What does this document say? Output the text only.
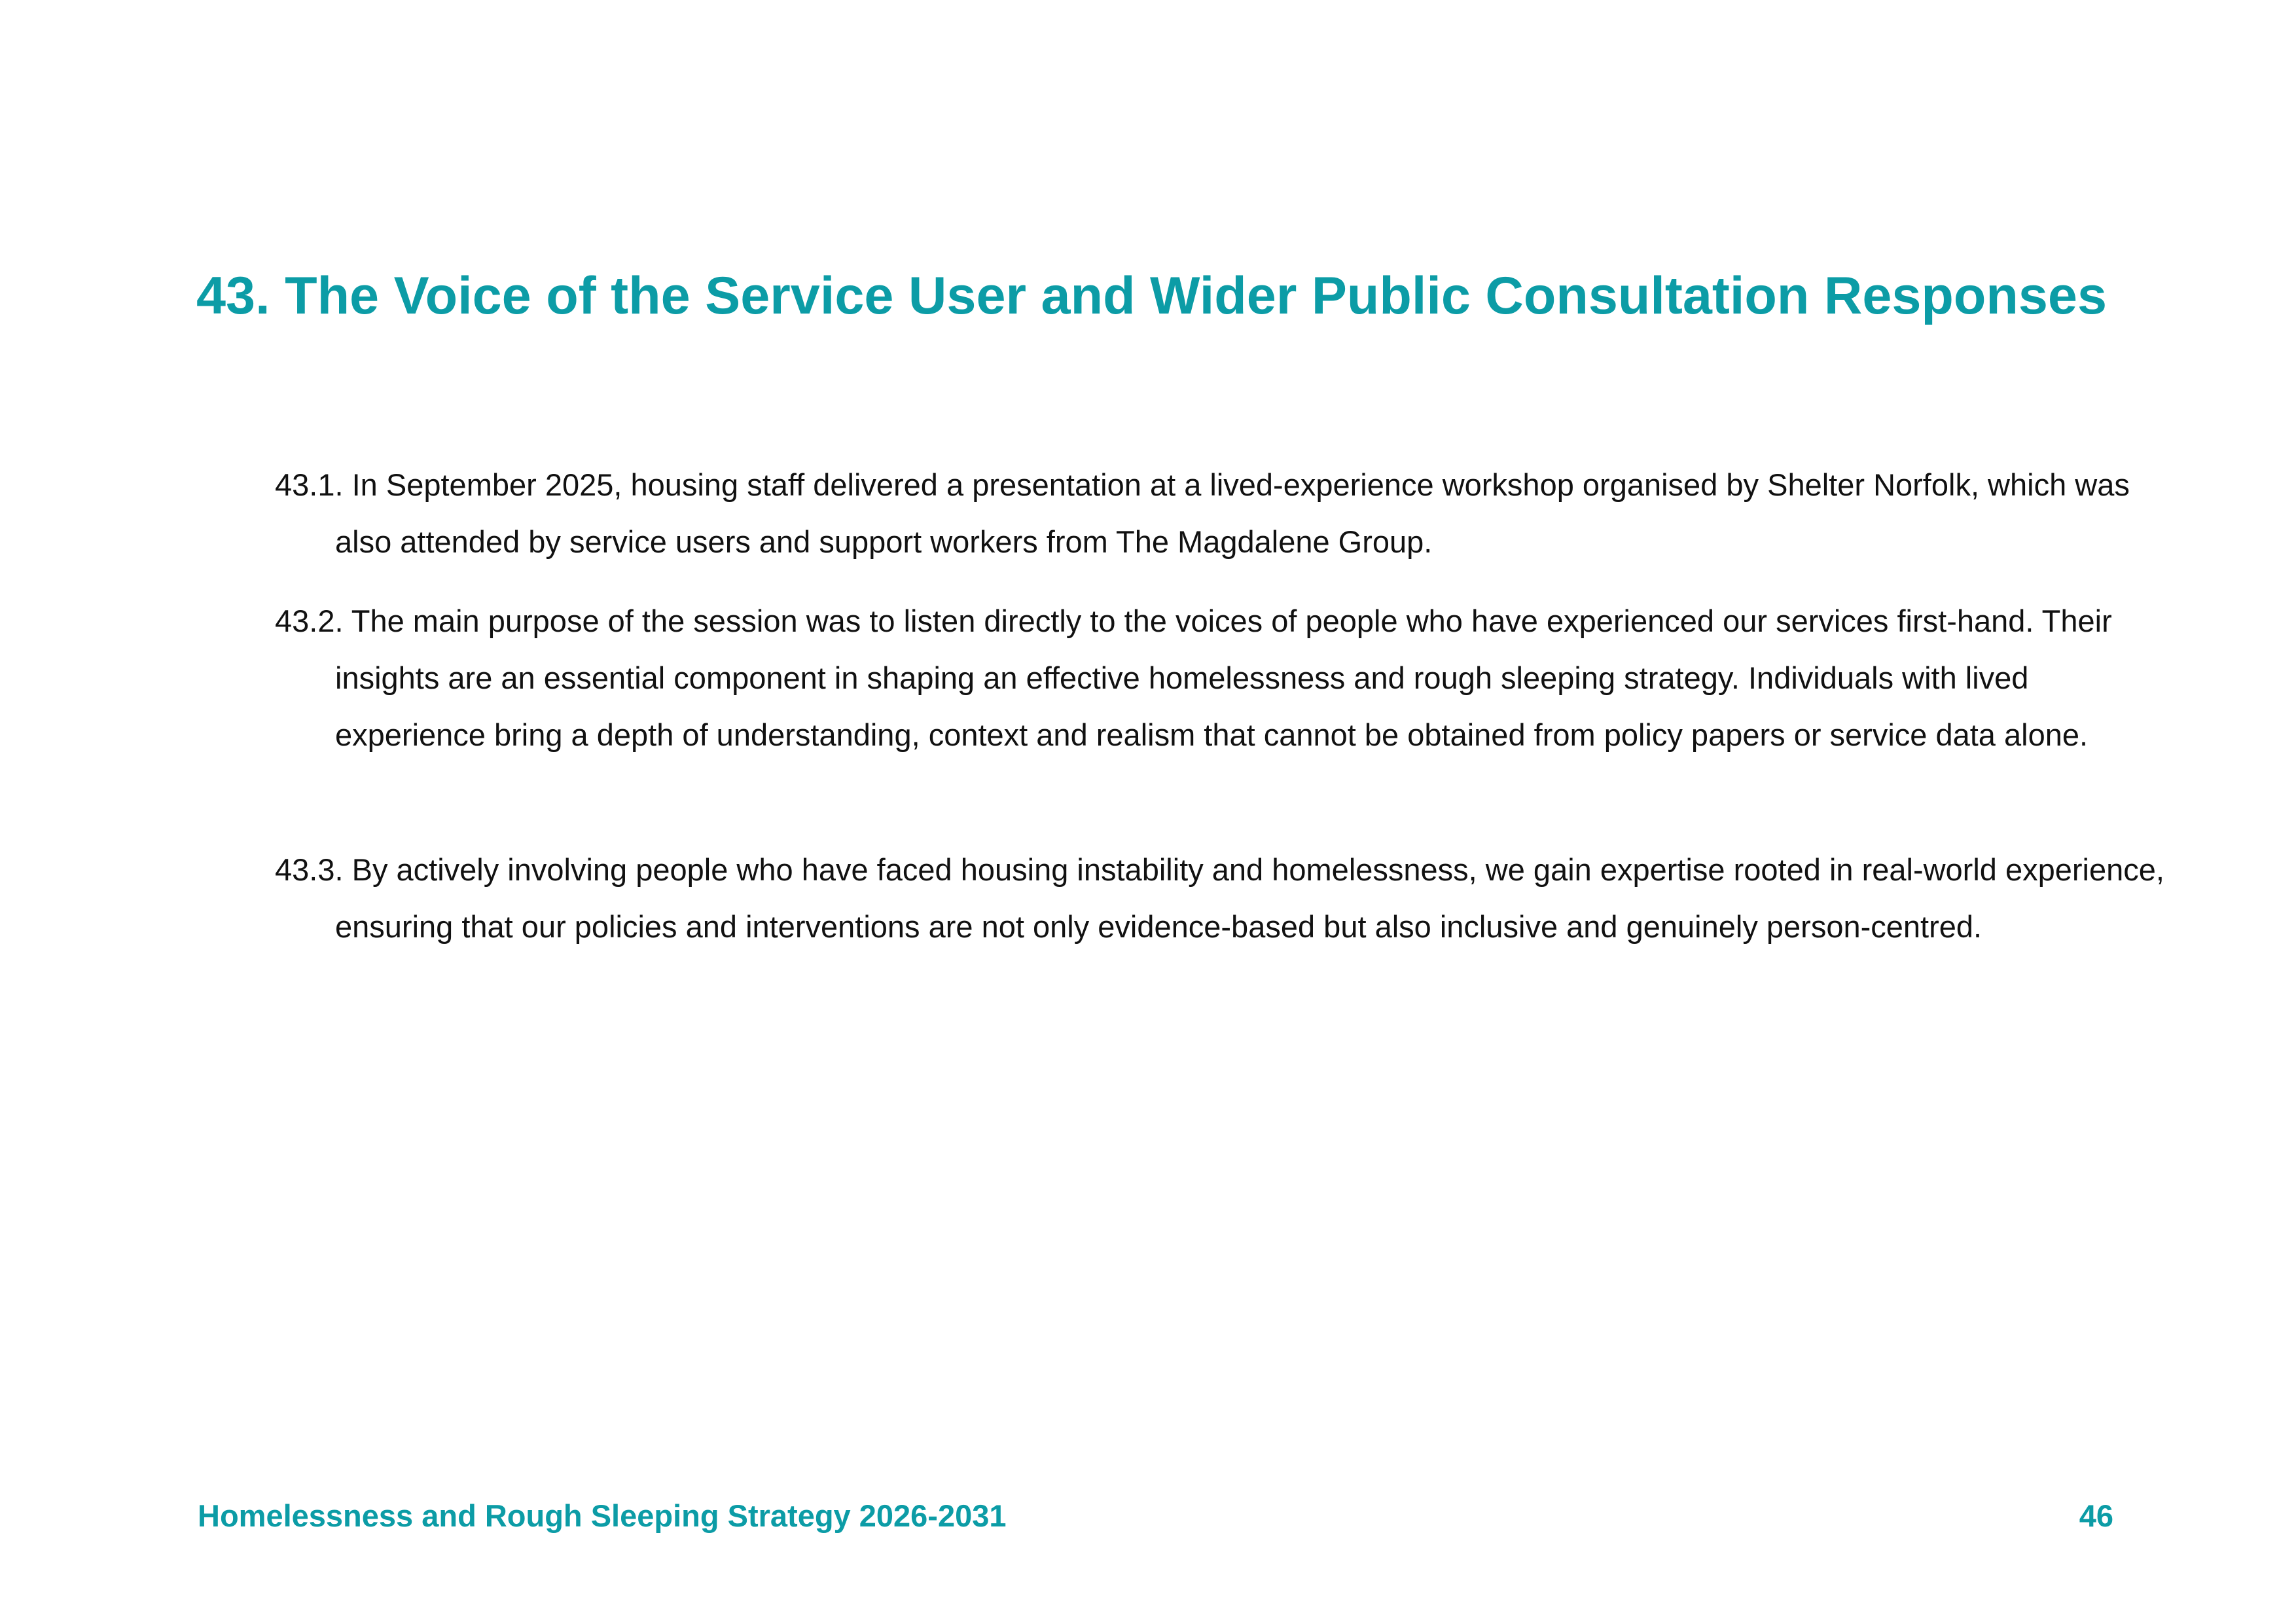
43. The Voice of the Service User and Wider Public Consultation Responses
43.1. In September 2025, housing staff delivered a presentation at a lived-experience workshop organised by Shelter Norfolk, which was also attended by service users and support workers from The Magdalene Group.
43.2. The main purpose of the session was to listen directly to the voices of people who have experienced our services first-hand. Their insights are an essential component in shaping an effective homelessness and rough sleeping strategy. Individuals with lived experience bring a depth of understanding, context and realism that cannot be obtained from policy papers or service data alone.
43.3. By actively involving people who have faced housing instability and homelessness, we gain expertise rooted in real-world experience, ensuring that our policies and interventions are not only evidence-based but also inclusive and genuinely person-centred.
Homelessness and Rough Sleeping Strategy 2026-2031	46
